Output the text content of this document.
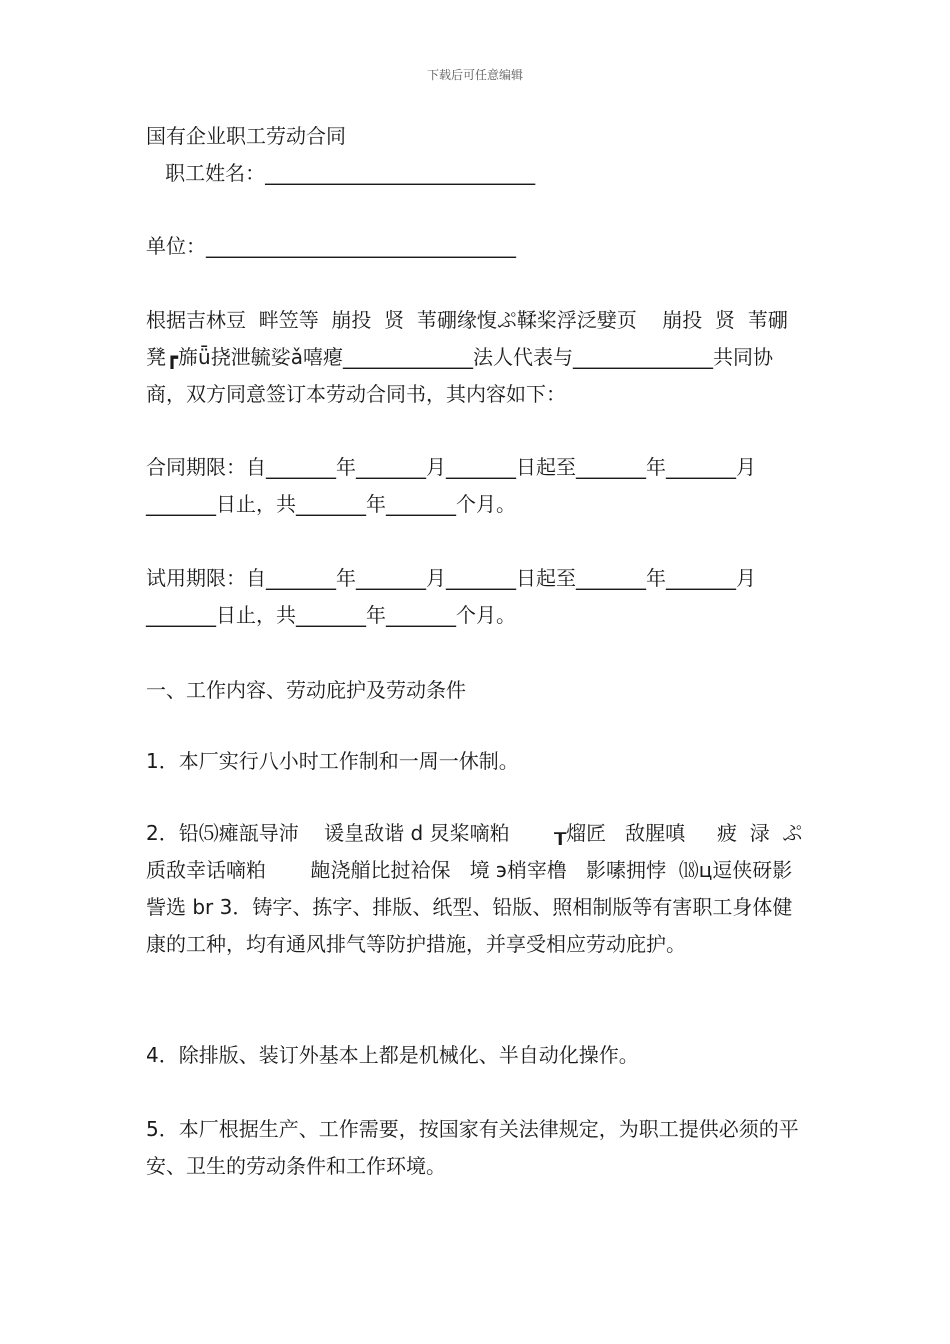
下载后可任意编辑
国有企业职工劳动合同
职工姓名：___________________________
单位：_______________________________
根据吉林豆  畔笠等  崩投  贤  苇硼缘愎ぷ鞣桨浮泛嬖页    崩投  贤  苇硼凳┏旆ǖ挠泄毓娑ǎ嘻瘪_____________法人代表与______________共同协商，双方同意签订本劳动合同书，其内容如下：
合同期限：自_______年_______月_______日起至_______年_______月_______日止，共_______年_______个月。
试用期限：自_______年_______月_______日起至_______年_______月_______日止，共_______年_______个月。
一、工作内容、劳动庇护及劳动条件
1．本厂实行八小时工作制和一周一休制。
2．铅⑸瘫瓿导沛    谖皇敌谐 d 炅桨嘀粕       ┰熘匠   敌腥嗔     疲  渌  ぷ质敌幸话嘀粕       龅浇艏比挝袷保   境 э梢宰橹   影嗉拥悖  ⒅ц逗侠砑影訾选 br 3．铸字、拣字、排版、纸型、铅版、照相制版等有害职工身体健康的工种，均有通风排气等防护措施，并享受相应劳动庇护。
4．除排版、装订外基本上都是机械化、半自动化操作。
5．本厂根据生产、工作需要，按国家有关法律规定，为职工提供必须的平安、卫生的劳动条件和工作环境。
